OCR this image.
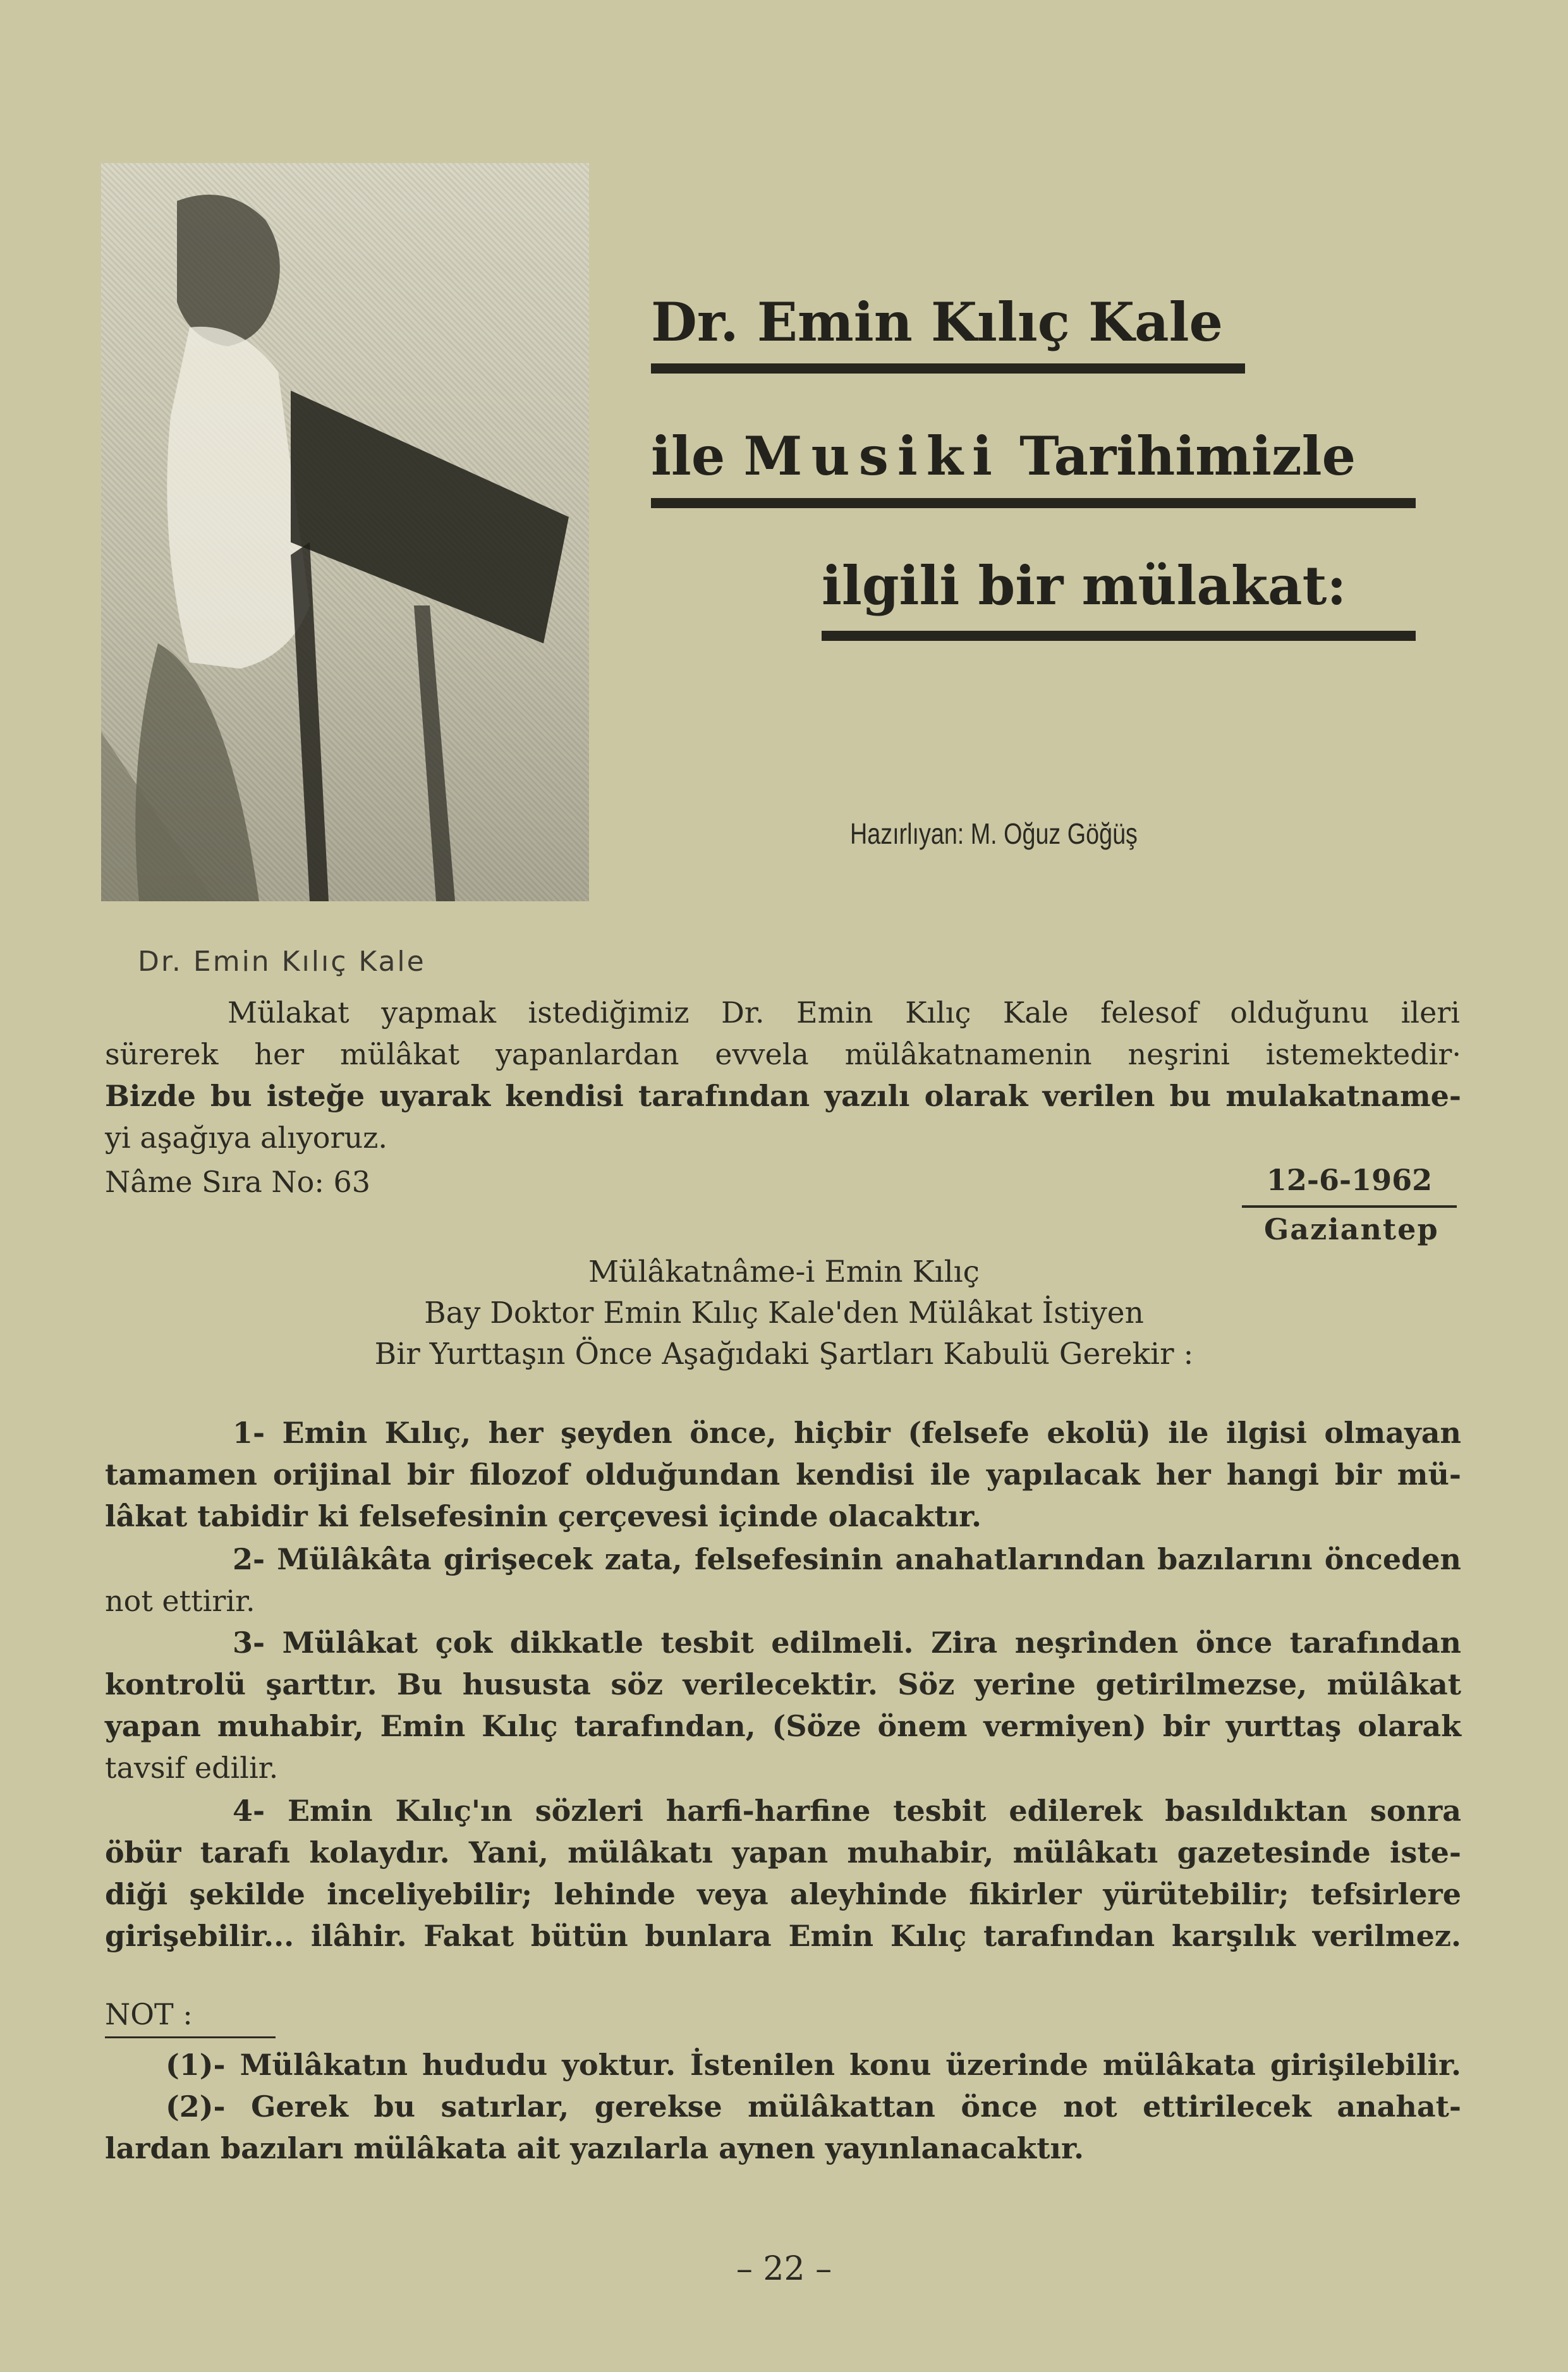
Dr. Emin Kılıç Kale
ile Musiki Tarihimizle
ilgili bir mülakat:
Hazırlıyan: M. Oğuz Göğüş
Dr. Emin Kılıç Kale
Mülakat yapmak istediğimiz Dr. Emin Kılıç Kale felesof olduğunu ileri
sürerek her mülâkat yapanlardan evvela mülâkatnamenin neşrini istemektedir·
Bizde bu isteğe uyarak kendisi tarafından yazılı olarak verilen bu mulakatname-
yi aşağıya alıyoruz.
Nâme Sıra No: 63	12-6-1962
Gaziantep
Mülâkatnâme-i Emin Kılıç
Bay Doktor Emin Kılıç Kale'den Mülâkat İstiyen
Bir Yurttaşın Önce Aşağıdaki Şartları Kabulü Gerekir :
1- Emin Kılıç, her şeyden önce, hiçbir (felsefe ekolü) ile ilgisi olmayan
tamamen orijinal bir filozof olduğundan kendisi ile yapılacak her hangi bir mü-
lâkat tabidir ki felsefesinin çerçevesi içinde olacaktır.
2- Mülâkâta girişecek zata, felsefesinin anahatlarından bazılarını önceden
not ettirir.
3- Mülâkat çok dikkatle tesbit edilmeli. Zira neşrinden önce tarafından
kontrolü şarttır. Bu hususta söz verilecektir. Söz yerine getirilmezse, mülâkat
yapan muhabir, Emin Kılıç tarafından, (Söze önem vermiyen) bir yurttaş olarak
tavsif edilir.
4- Emin Kılıç'ın sözleri harfi-harfine tesbit edilerek basıldıktan sonra
öbür tarafı kolaydır. Yani, mülâkatı yapan muhabir, mülâkatı gazetesinde iste-
diği şekilde inceliyebilir; lehinde veya aleyhinde fikirler yürütebilir; tefsirlere
girişebilir... ilâhir. Fakat bütün bunlara Emin Kılıç tarafından karşılık verilmez.
NOT :
(1)- Mülâkatın hududu yoktur. İstenilen konu üzerinde mülâkata girişilebilir.
(2)- Gerek bu satırlar, gerekse mülâkattan önce not ettirilecek anahat-
lardan bazıları mülâkata ait yazılarla aynen yayınlanacaktır.
– 22 –
